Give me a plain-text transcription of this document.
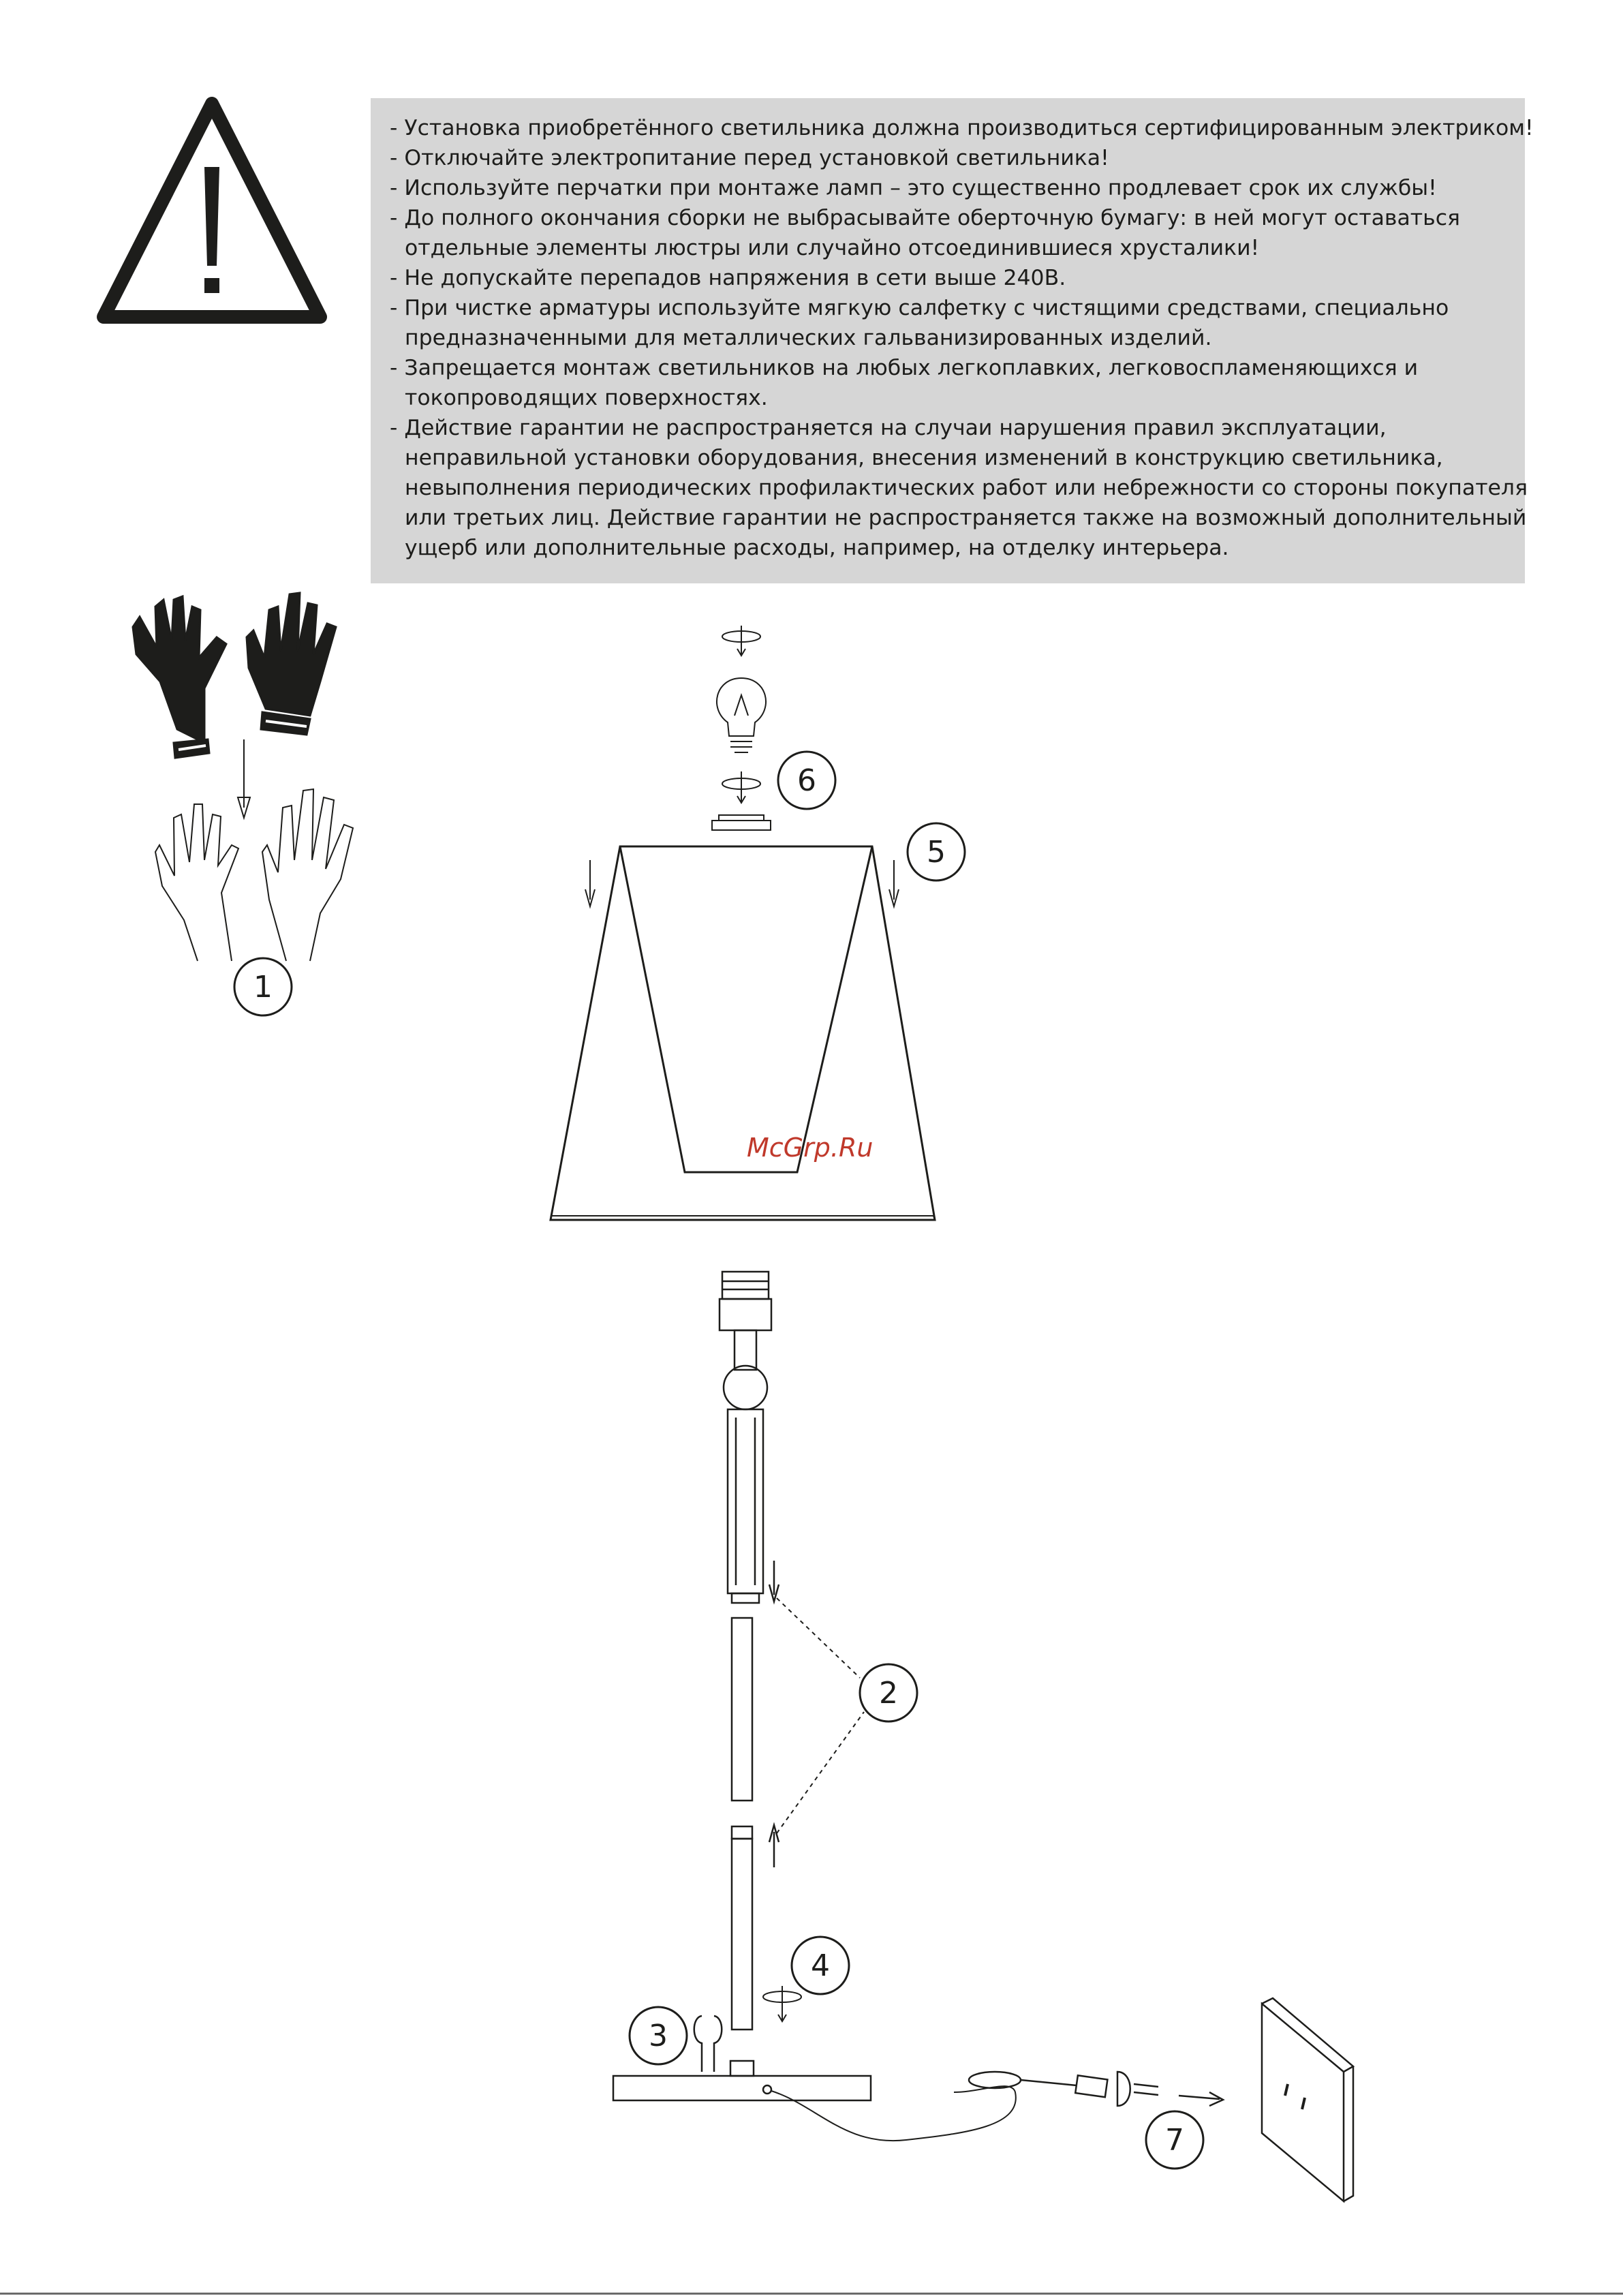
- Установка приобретённого светильника должна производиться сертифицированным электриком!
- Отключайте электропитание перед установкой светильника!
- Используйте перчатки при монтаже ламп – это существенно продлевает срок их службы!
- До полного окончания сборки не выбрасывайте оберточную бумагу: в ней могут оставаться
отдельные элементы люстры или случайно отсоединившиеся хрусталики!
- Не допускайте перепадов напряжения в сети выше 240В.
- При чистке арматуры используйте мягкую салфетку с чистящими средствами, специально
предназначенными для металлических гальванизированных изделий.
- Запрещается монтаж светильников на любых легкоплавких, легковоспламеняющихся и
токопроводящих поверхностях.
- Действие гарантии не распространяется на случаи нарушения правил эксплуатации,
неправильной установки оборудования, внесения изменений в конструкцию светильника,
невыполнения периодических профилактических работ или небрежности со стороны покупателя
или третьих лиц. Действие гарантии не распространяется также на возможный дополнительный
ущерб или дополнительные расходы, например, на отделку интерьера.
1
2
3
4
5
6
7
McGrp.Ru
